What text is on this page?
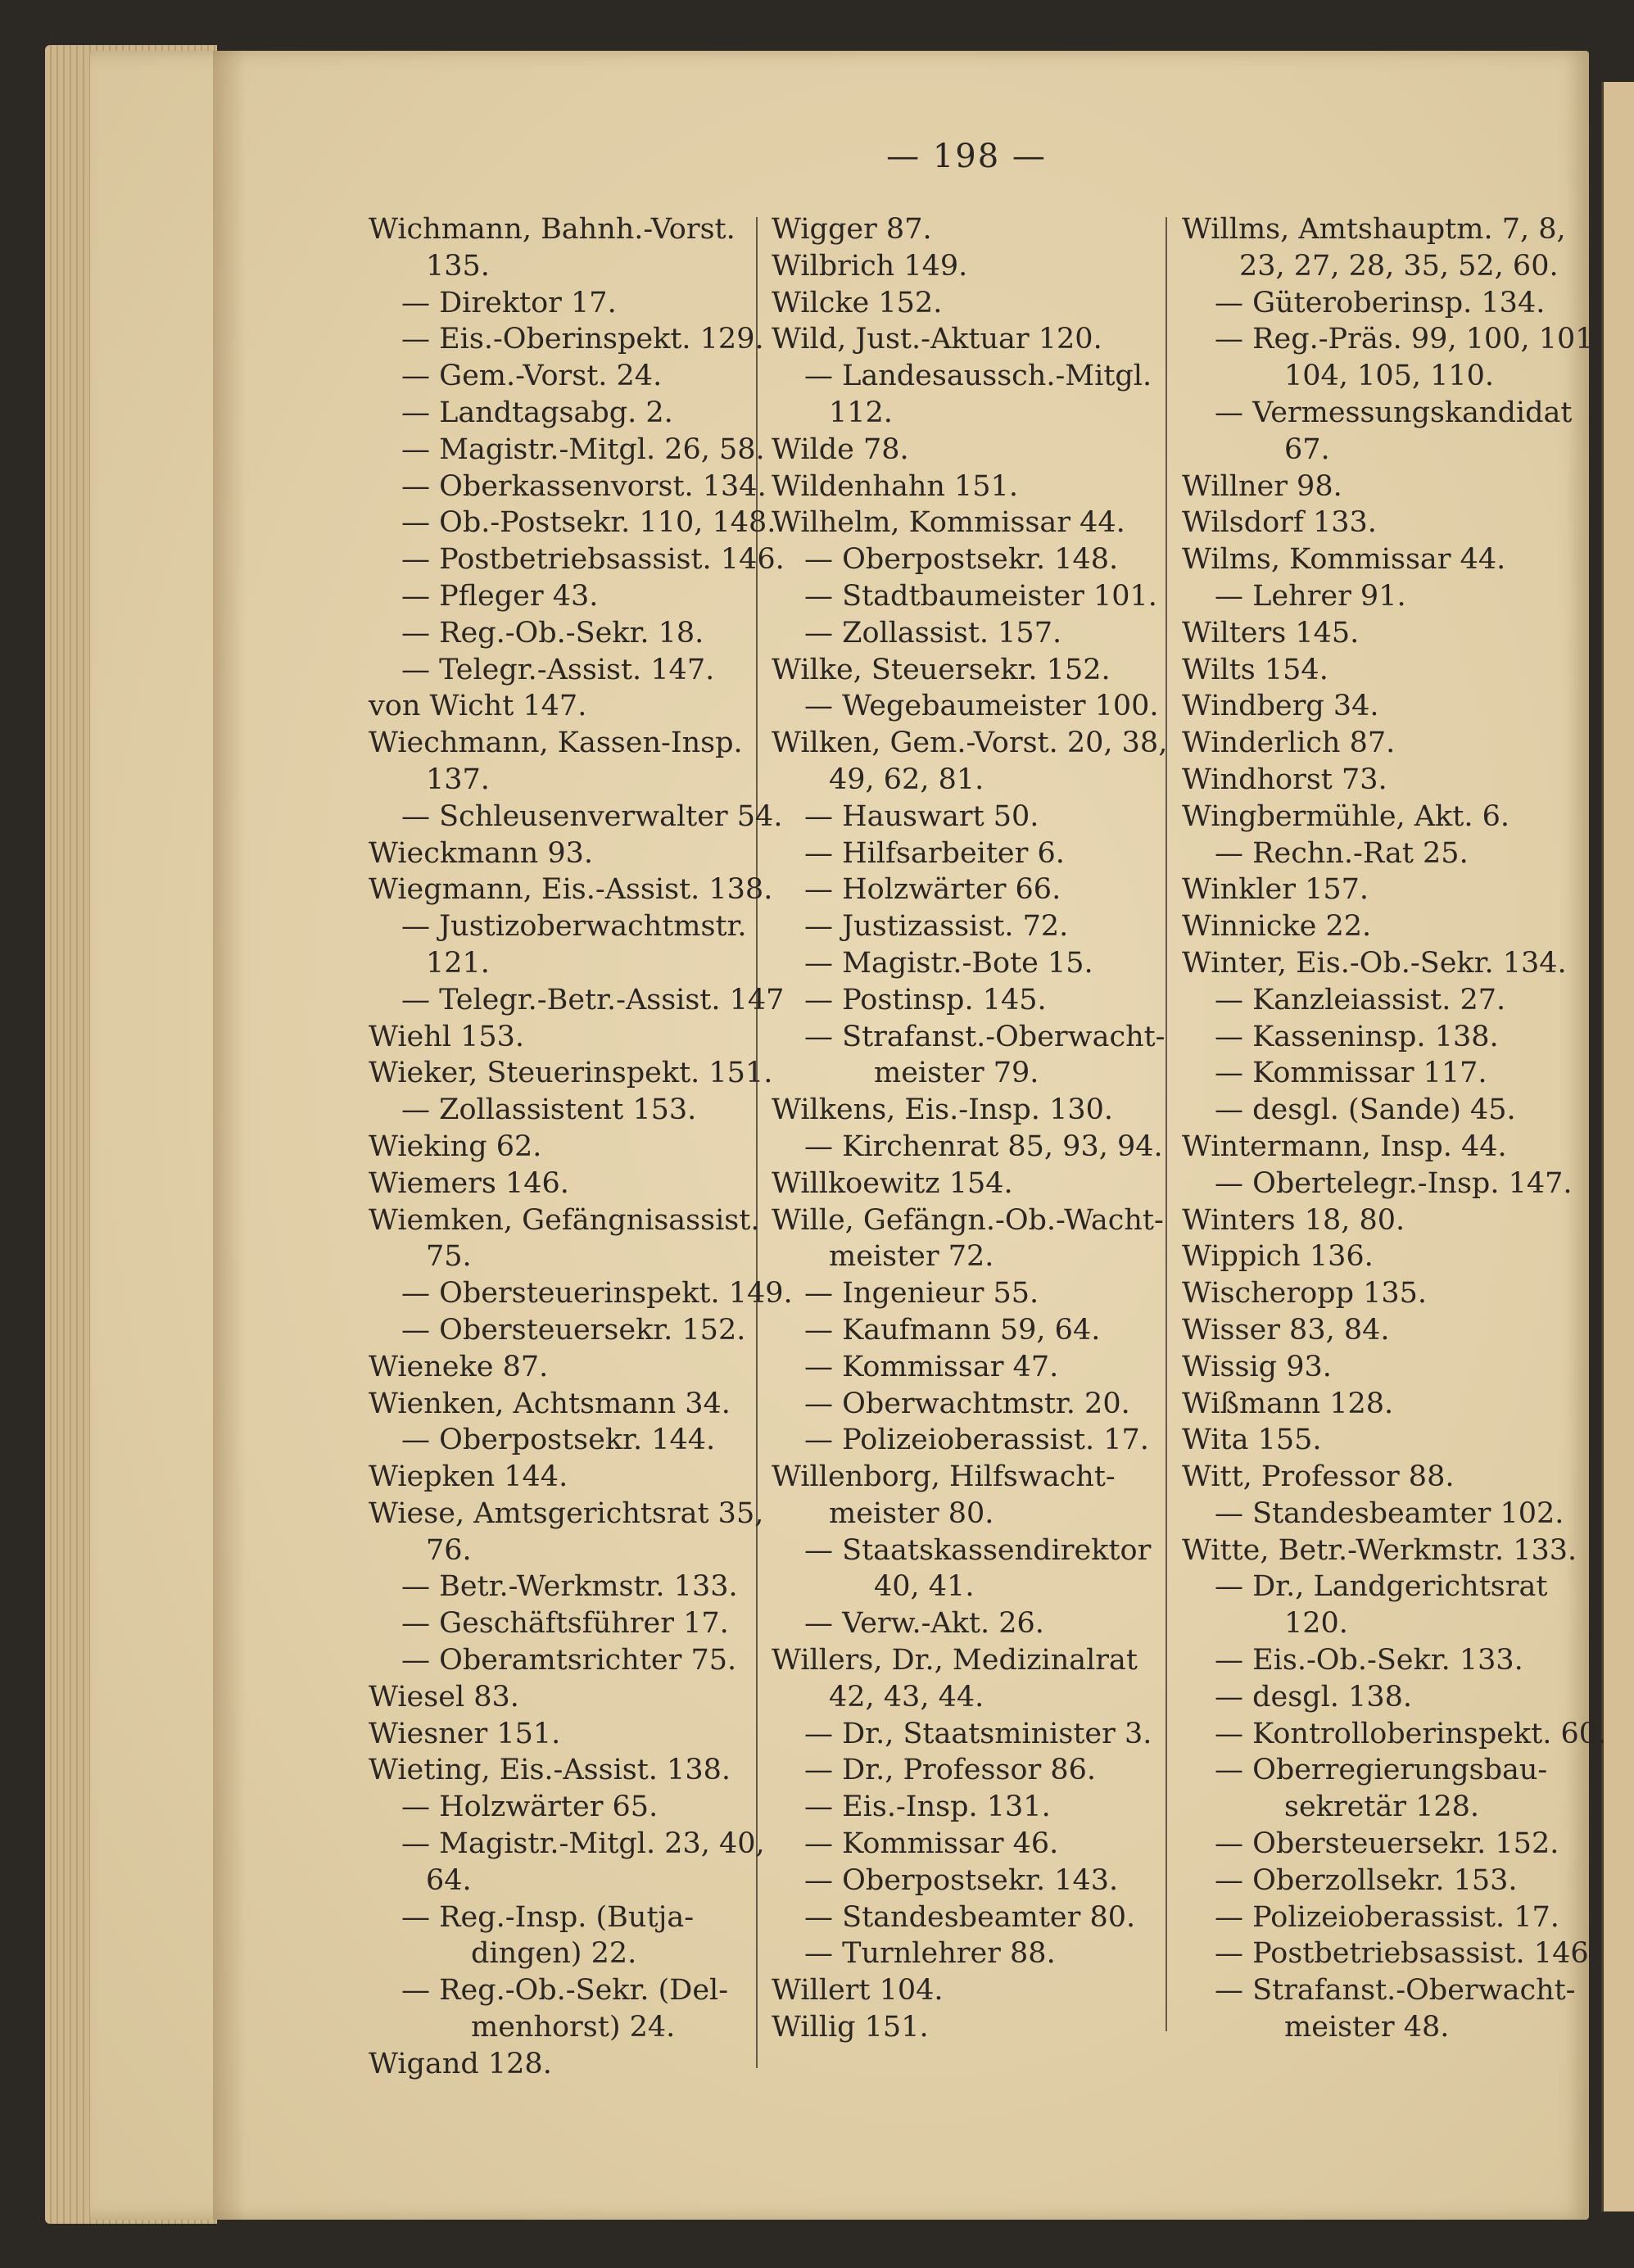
— 198 —
Wichmann, Bahnh.-Vorst.
135.
— Direktor 17.
— Eis.-Oberinspekt. 129.
— Gem.-Vorst. 24.
— Landtagsabg. 2.
— Magistr.-Mitgl. 26, 58.
— Oberkassenvorst. 134.
— Ob.-Postsekr. 110, 148.
— Postbetriebsassist. 146.
— Pfleger 43.
— Reg.-Ob.-Sekr. 18.
— Telegr.-Assist. 147.
von Wicht 147.
Wiechmann, Kassen-Insp.
137.
— Schleusenverwalter 54.
Wieckmann 93.
Wiegmann, Eis.-Assist. 138.
— Justizoberwachtmstr.
121.
— Telegr.-Betr.-Assist. 147
Wiehl 153.
Wieker, Steuerinspekt. 151.
— Zollassistent 153.
Wieking 62.
Wiemers 146.
Wiemken, Gefängnisassist.
75.
— Obersteuerinspekt. 149.
— Obersteuersekr. 152.
Wieneke 87.
Wienken, Achtsmann 34.
— Oberpostsekr. 144.
Wiepken 144.
Wiese, Amtsgerichtsrat 35,
76.
— Betr.-Werkmstr. 133.
— Geschäftsführer 17.
— Oberamtsrichter 75.
Wiesel 83.
Wiesner 151.
Wieting, Eis.-Assist. 138.
— Holzwärter 65.
— Magistr.-Mitgl. 23, 40,
64.
— Reg.-Insp. (Butja-
dingen) 22.
— Reg.-Ob.-Sekr. (Del-
menhorst) 24.
Wigand 128.
Wigger 87.
Wilbrich 149.
Wilcke 152.
Wild, Just.-Aktuar 120.
— Landesaussch.-Mitgl.
112.
Wilde 78.
Wildenhahn 151.
Wilhelm, Kommissar 44.
— Oberpostsekr. 148.
— Stadtbaumeister 101.
— Zollassist. 157.
Wilke, Steuersekr. 152.
— Wegebaumeister 100.
Wilken, Gem.-Vorst. 20, 38,
49, 62, 81.
— Hauswart 50.
— Hilfsarbeiter 6.
— Holzwärter 66.
— Justizassist. 72.
— Magistr.-Bote 15.
— Postinsp. 145.
— Strafanst.-Oberwacht-
meister 79.
Wilkens, Eis.-Insp. 130.
— Kirchenrat 85, 93, 94.
Willkoewitz 154.
Wille, Gefängn.-Ob.-Wacht-
meister 72.
— Ingenieur 55.
— Kaufmann 59, 64.
— Kommissar 47.
— Oberwachtmstr. 20.
— Polizeioberassist. 17.
Willenborg, Hilfswacht-
meister 80.
— Staatskassendirektor
40, 41.
— Verw.-Akt. 26.
Willers, Dr., Medizinalrat
42, 43, 44.
— Dr., Staatsminister 3.
— Dr., Professor 86.
— Eis.-Insp. 131.
— Kommissar 46.
— Oberpostsekr. 143.
— Standesbeamter 80.
— Turnlehrer 88.
Willert 104.
Willig 151.
Willms, Amtshauptm. 7, 8,
23, 27, 28, 35, 52, 60.
— Güteroberinsp. 134.
— Reg.-Präs. 99, 100, 101,
104, 105, 110.
— Vermessungskandidat
67.
Willner 98.
Wilsdorf 133.
Wilms, Kommissar 44.
— Lehrer 91.
Wilters 145.
Wilts 154.
Windberg 34.
Winderlich 87.
Windhorst 73.
Wingbermühle, Akt. 6.
— Rechn.-Rat 25.
Winkler 157.
Winnicke 22.
Winter, Eis.-Ob.-Sekr. 134.
— Kanzleiassist. 27.
— Kasseninsp. 138.
— Kommissar 117.
— desgl. (Sande) 45.
Wintermann, Insp. 44.
— Obertelegr.-Insp. 147.
Winters 18, 80.
Wippich 136.
Wischeropp 135.
Wisser 83, 84.
Wissig 93.
Wißmann 128.
Wita 155.
Witt, Professor 88.
— Standesbeamter 102.
Witte, Betr.-Werkmstr. 133.
— Dr., Landgerichtsrat
120.
— Eis.-Ob.-Sekr. 133.
— desgl. 138.
— Kontrolloberinspekt. 60.
— Oberregierungsbau-
sekretär 128.
— Obersteuersekr. 152.
— Oberzollsekr. 153.
— Polizeioberassist. 17.
— Postbetriebsassist. 146.
— Strafanst.-Oberwacht-
meister 48.
